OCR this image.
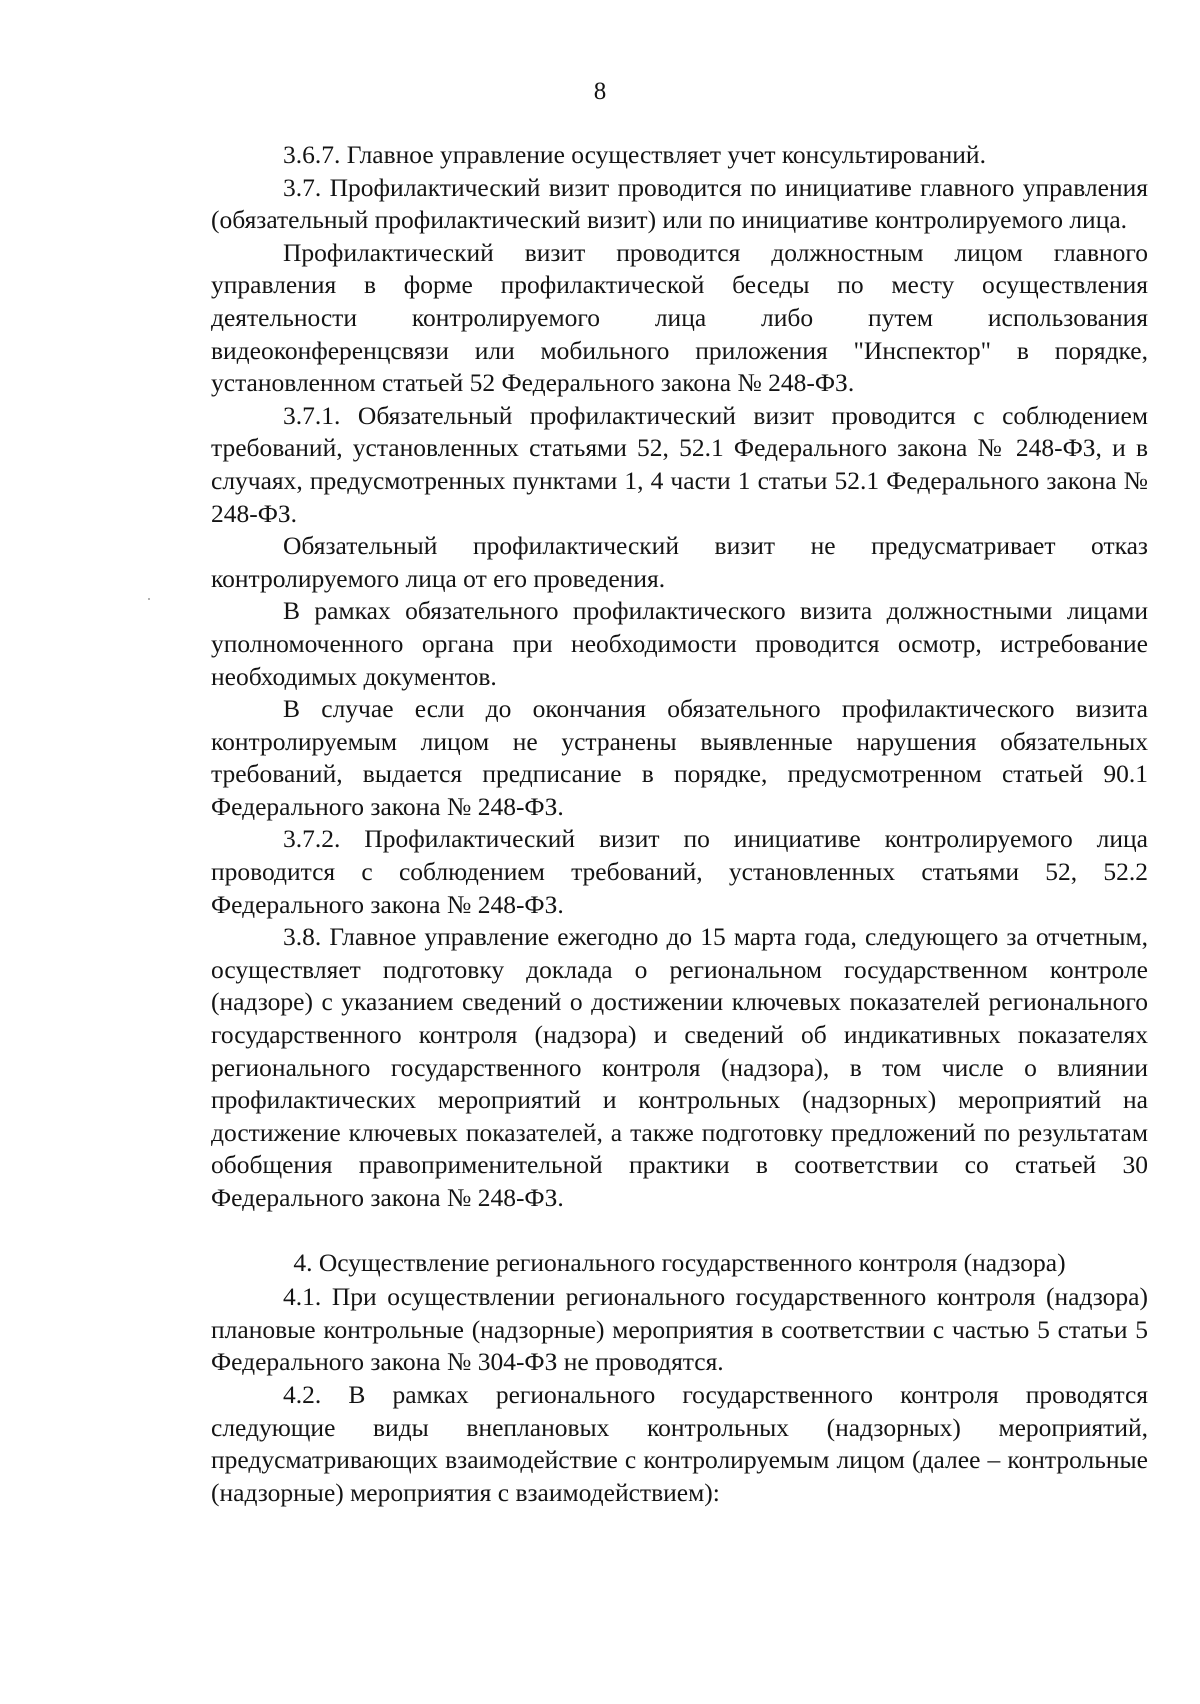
8

3.6.7. Главное управление осуществляет учет консультирований.

3.7. Профилактический визит проводится по инициативе главного управления (обязательный профилактический визит) или по инициативе контролируемого лица.

Профилактический визит проводится должностным лицом главного управления в форме профилактической беседы по месту осуществления деятельности контролируемого лица либо путем использования видеоконференцсвязи или мобильного приложения "Инспектор" в порядке, установленном статьей 52 Федерального закона № 248-ФЗ.

3.7.1. Обязательный профилактический визит проводится с соблюдением требований, установленных статьями 52, 52.1 Федерального закона № 248-ФЗ, и в случаях, предусмотренных пунктами 1, 4 части 1 статьи 52.1 Федерального закона № 248-ФЗ.

Обязательный профилактический визит не предусматривает отказ контролируемого лица от его проведения.

В рамках обязательного профилактического визита должностными лицами уполномоченного органа при необходимости проводится осмотр, истребование необходимых документов.

В случае если до окончания обязательного профилактического визита контролируемым лицом не устранены выявленные нарушения обязательных требований, выдается предписание в порядке, предусмотренном статьей 90.1 Федерального закона № 248-ФЗ.

3.7.2. Профилактический визит по инициативе контролируемого лица проводится с соблюдением требований, установленных статьями 52, 52.2 Федерального закона № 248-ФЗ.

3.8. Главное управление ежегодно до 15 марта года, следующего за отчетным, осуществляет подготовку доклада о региональном государственном контроле (надзоре) с указанием сведений о достижении ключевых показателей регионального государственного контроля (надзора) и сведений об индикативных показателях регионального государственного контроля (надзора), в том числе о влиянии профилактических мероприятий и контрольных (надзорных) мероприятий на достижение ключевых показателей, а также подготовку предложений по результатам обобщения правоприменительной практики в соответствии со статьей 30 Федерального закона № 248-ФЗ.

4. Осуществление регионального государственного контроля (надзора)

4.1. При осуществлении регионального государственного контроля (надзора) плановые контрольные (надзорные) мероприятия в соответствии с частью 5 статьи 5 Федерального закона № 304-ФЗ не проводятся.

4.2. В рамках регионального государственного контроля проводятся следующие виды внеплановых контрольных (надзорных) мероприятий, предусматривающих взаимодействие с контролируемым лицом (далее – контрольные (надзорные) мероприятия с взаимодействием):
